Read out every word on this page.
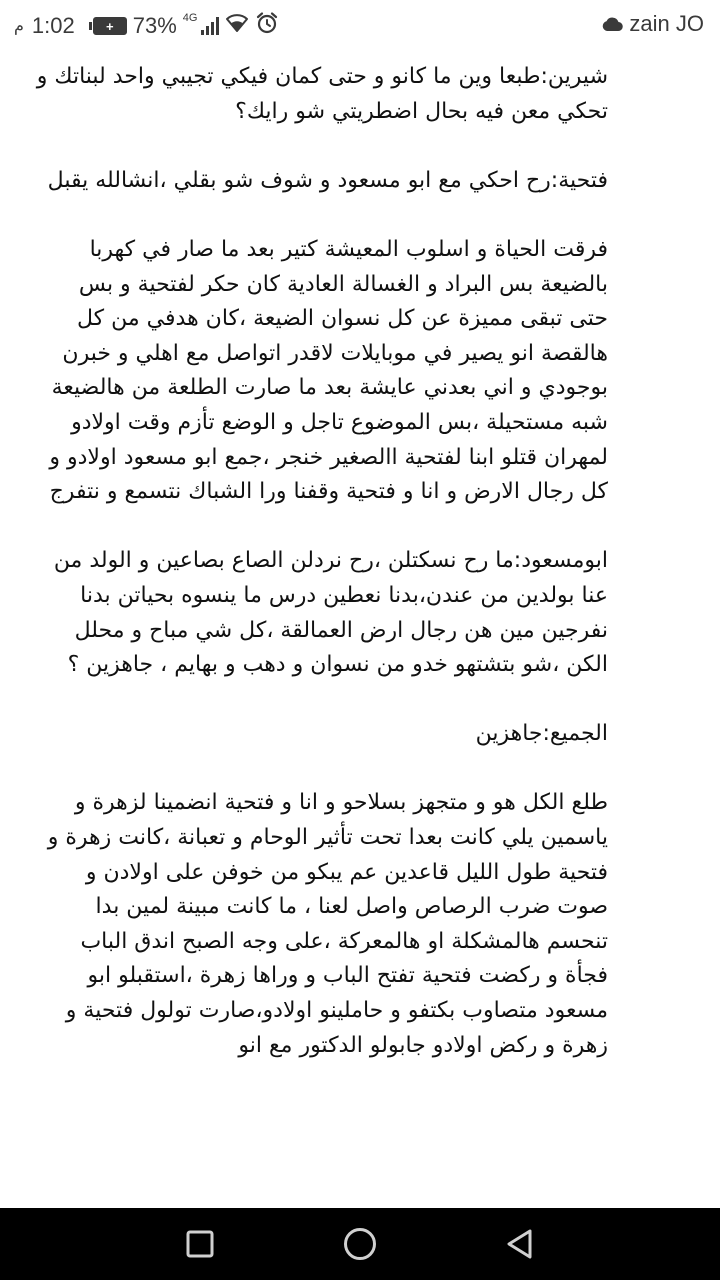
zain JO
م 1:02	+ 73% 4G

شيرين:طبعا وين ما كانو و حتى كمان فيكي تجيبي واحد لبناتك و تحكي معن فيه بحال اضطريتي شو رايك؟

فتحية:رح احكي مع ابو مسعود و شوف شو بقلي ،انشالله يقبل

فرقت الحياة و اسلوب المعيشة كتير بعد ما صار في كهربا بالضيعة بس البراد و الغسالة العادية كان حكر لفتحية و بس حتى تبقى مميزة عن كل نسوان الضيعة ،كان هدفي من كل هالقصة انو يصير في موبايلات لاقدر اتواصل مع اهلي و خبرن بوجودي و اني بعدني عايشة بعد ما صارت الطلعة من هالضيعة شبه مستحيلة ،بس الموضوع تاجل و الوضع تأزم وقت اولادو لمهران قتلو ابنا لفتحية االصغير خنجر ،جمع ابو مسعود اولادو و كل رجال الارض و انا و فتحية وقفنا ورا الشباك نتسمع و نتفرج

ابومسعود:ما رح نسكتلن ،رح نردلن الصاع بصاعين و الولد من عنا بولدين من عندن،بدنا نعطين درس ما ينسوه بحياتن بدنا نفرجين مين هن رجال ارض العمالقة ،كل شي مباح و محلل الكن ،شو بتشتهو خدو من نسوان و دهب و بهايم ، جاهزين ؟

الجميع:جاهزين

طلع الكل هو و متجهز بسلاحو و انا و فتحية انضمينا لزهرة و ياسمين يلي كانت بعدا تحت تأثير الوحام و تعبانة ،كانت زهرة و فتحية طول الليل قاعدين عم يبكو من خوفن على اولادن و صوت ضرب الرصاص واصل لعنا ، ما كانت مبينة لمين بدا تنحسم هالمشكلة او هالمعركة ،على وجه الصبح اندق الباب فجأة و ركضت فتحية تفتح الباب و وراها زهرة ،استقبلو ابو مسعود متصاوب بكتفو و حاملينو اولادو،صارت تولول فتحية و زهرة و ركض اولادو جابولو الدكتور مع انو
